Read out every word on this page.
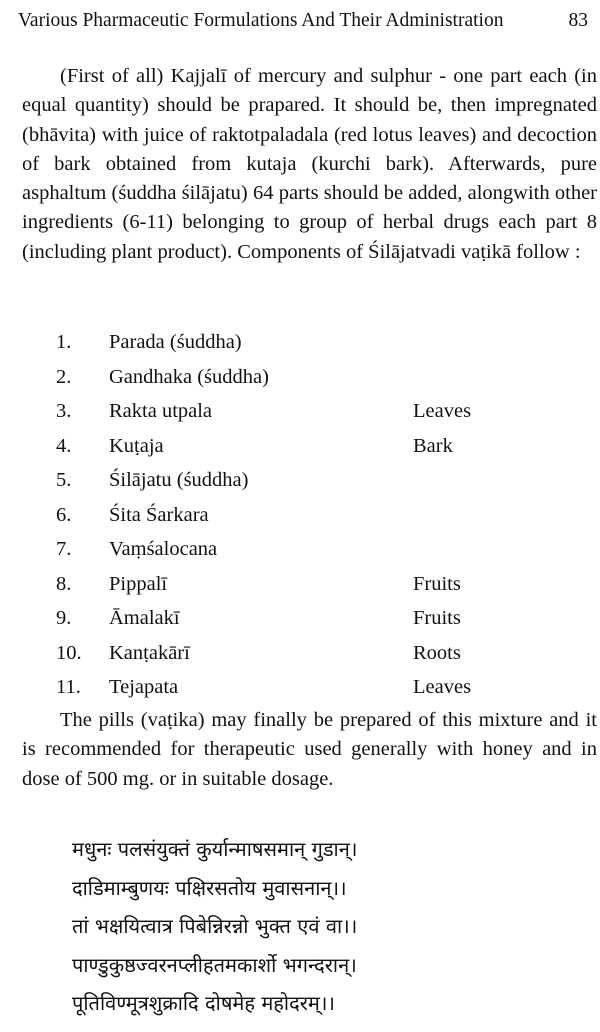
Various Pharmaceutic Formulations And Their Administration	83

(First of all) Kajjalī of mercury and sulphur - one part each (in equal quantity) should be prapared. It should be, then impregnated (bhāvita) with juice of raktotpaladala (red lotus leaves) and decoction of bark obtained from kutaja (kurchi bark). Afterwards, pure asphaltum (śuddha śilājatu) 64 parts should be added, alongwith other ingredients (6-11) belonging to group of herbal drugs each part 8 (including plant product). Components of Śilājatvadi vaṭikā follow :

1. Parada (śuddha)
2. Gandhaka (śuddha)
3. Rakta utpala	Leaves
4. Kuṭaja	Bark
5. Śilājatu (śuddha)
6. Śita Śarkara
7. Vaṃśalocana
8. Pippalī	Fruits
9. Āmalakī	Fruits
10. Kanṭakārī	Roots
11. Tejapata	Leaves

The pills (vaṭika) may finally be prepared of this mixture and it is recommended for therapeutic used generally with honey and in dose of 500 mg. or in suitable dosage.

मधुनः पलसंयुक्तं कुर्यान्माषसमान् गुडान्।
दाडिमाम्बुणयः पक्षिरसतोय मुवासनान्।।
तां भक्षयित्वात्र पिबेन्निरन्नो भुक्त एवं वा।।
पाण्डुकुष्ठज्वरनप्लीहतमकार्शो भगन्दरान्।
पूतिविण्मूत्रशुक्रादि दोषमेह महोदरम्।।
